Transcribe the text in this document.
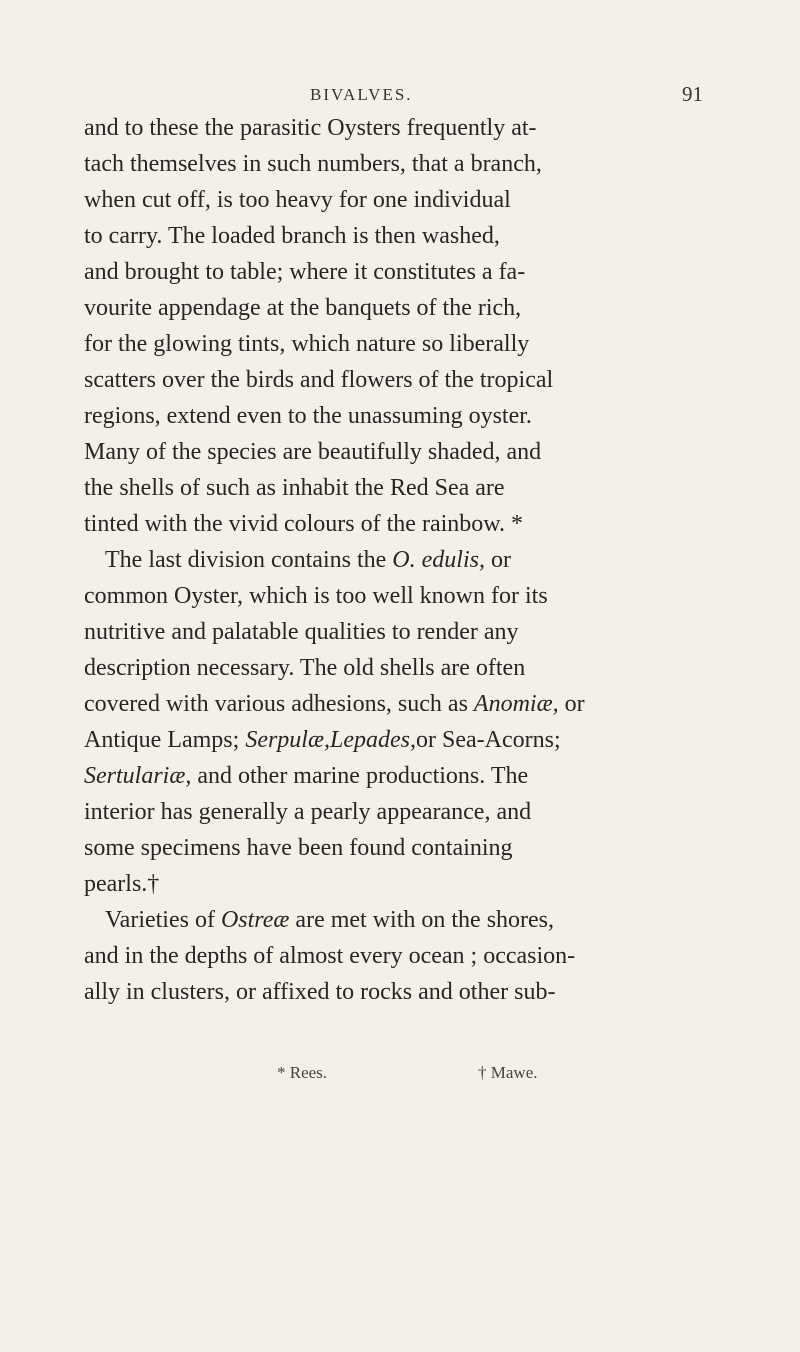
BIVALVES.	91
and to these the parasitic Oysters frequently at-
tach themselves in such numbers, that a branch,
when cut off, is too heavy for one individual
to carry. The loaded branch is then washed,
and brought to table; where it constitutes a fa-
vourite appendage at the banquets of the rich,
for the glowing tints, which nature so liberally
scatters over the birds and flowers of the tropical
regions, extend even to the unassuming oyster.
Many of the species are beautifully shaded, and
the shells of such as inhabit the Red Sea are
tinted with the vivid colours of the rainbow. *
The last division contains the O. edulis, or
common Oyster, which is too well known for its
nutritive and palatable qualities to render any
description necessary. The old shells are often
covered with various adhesions, such as Anomiæ, or
Antique Lamps; Serpulæ,Lepades,or Sea-Acorns;
Sertulariæ, and other marine productions. The
interior has generally a pearly appearance, and
some specimens have been found containing
pearls.†
Varieties of Ostreæ are met with on the shores,
and in the depths of almost every ocean ; occasion-
ally in clusters, or affixed to rocks and other sub-
* Rees.	† Mawe.
